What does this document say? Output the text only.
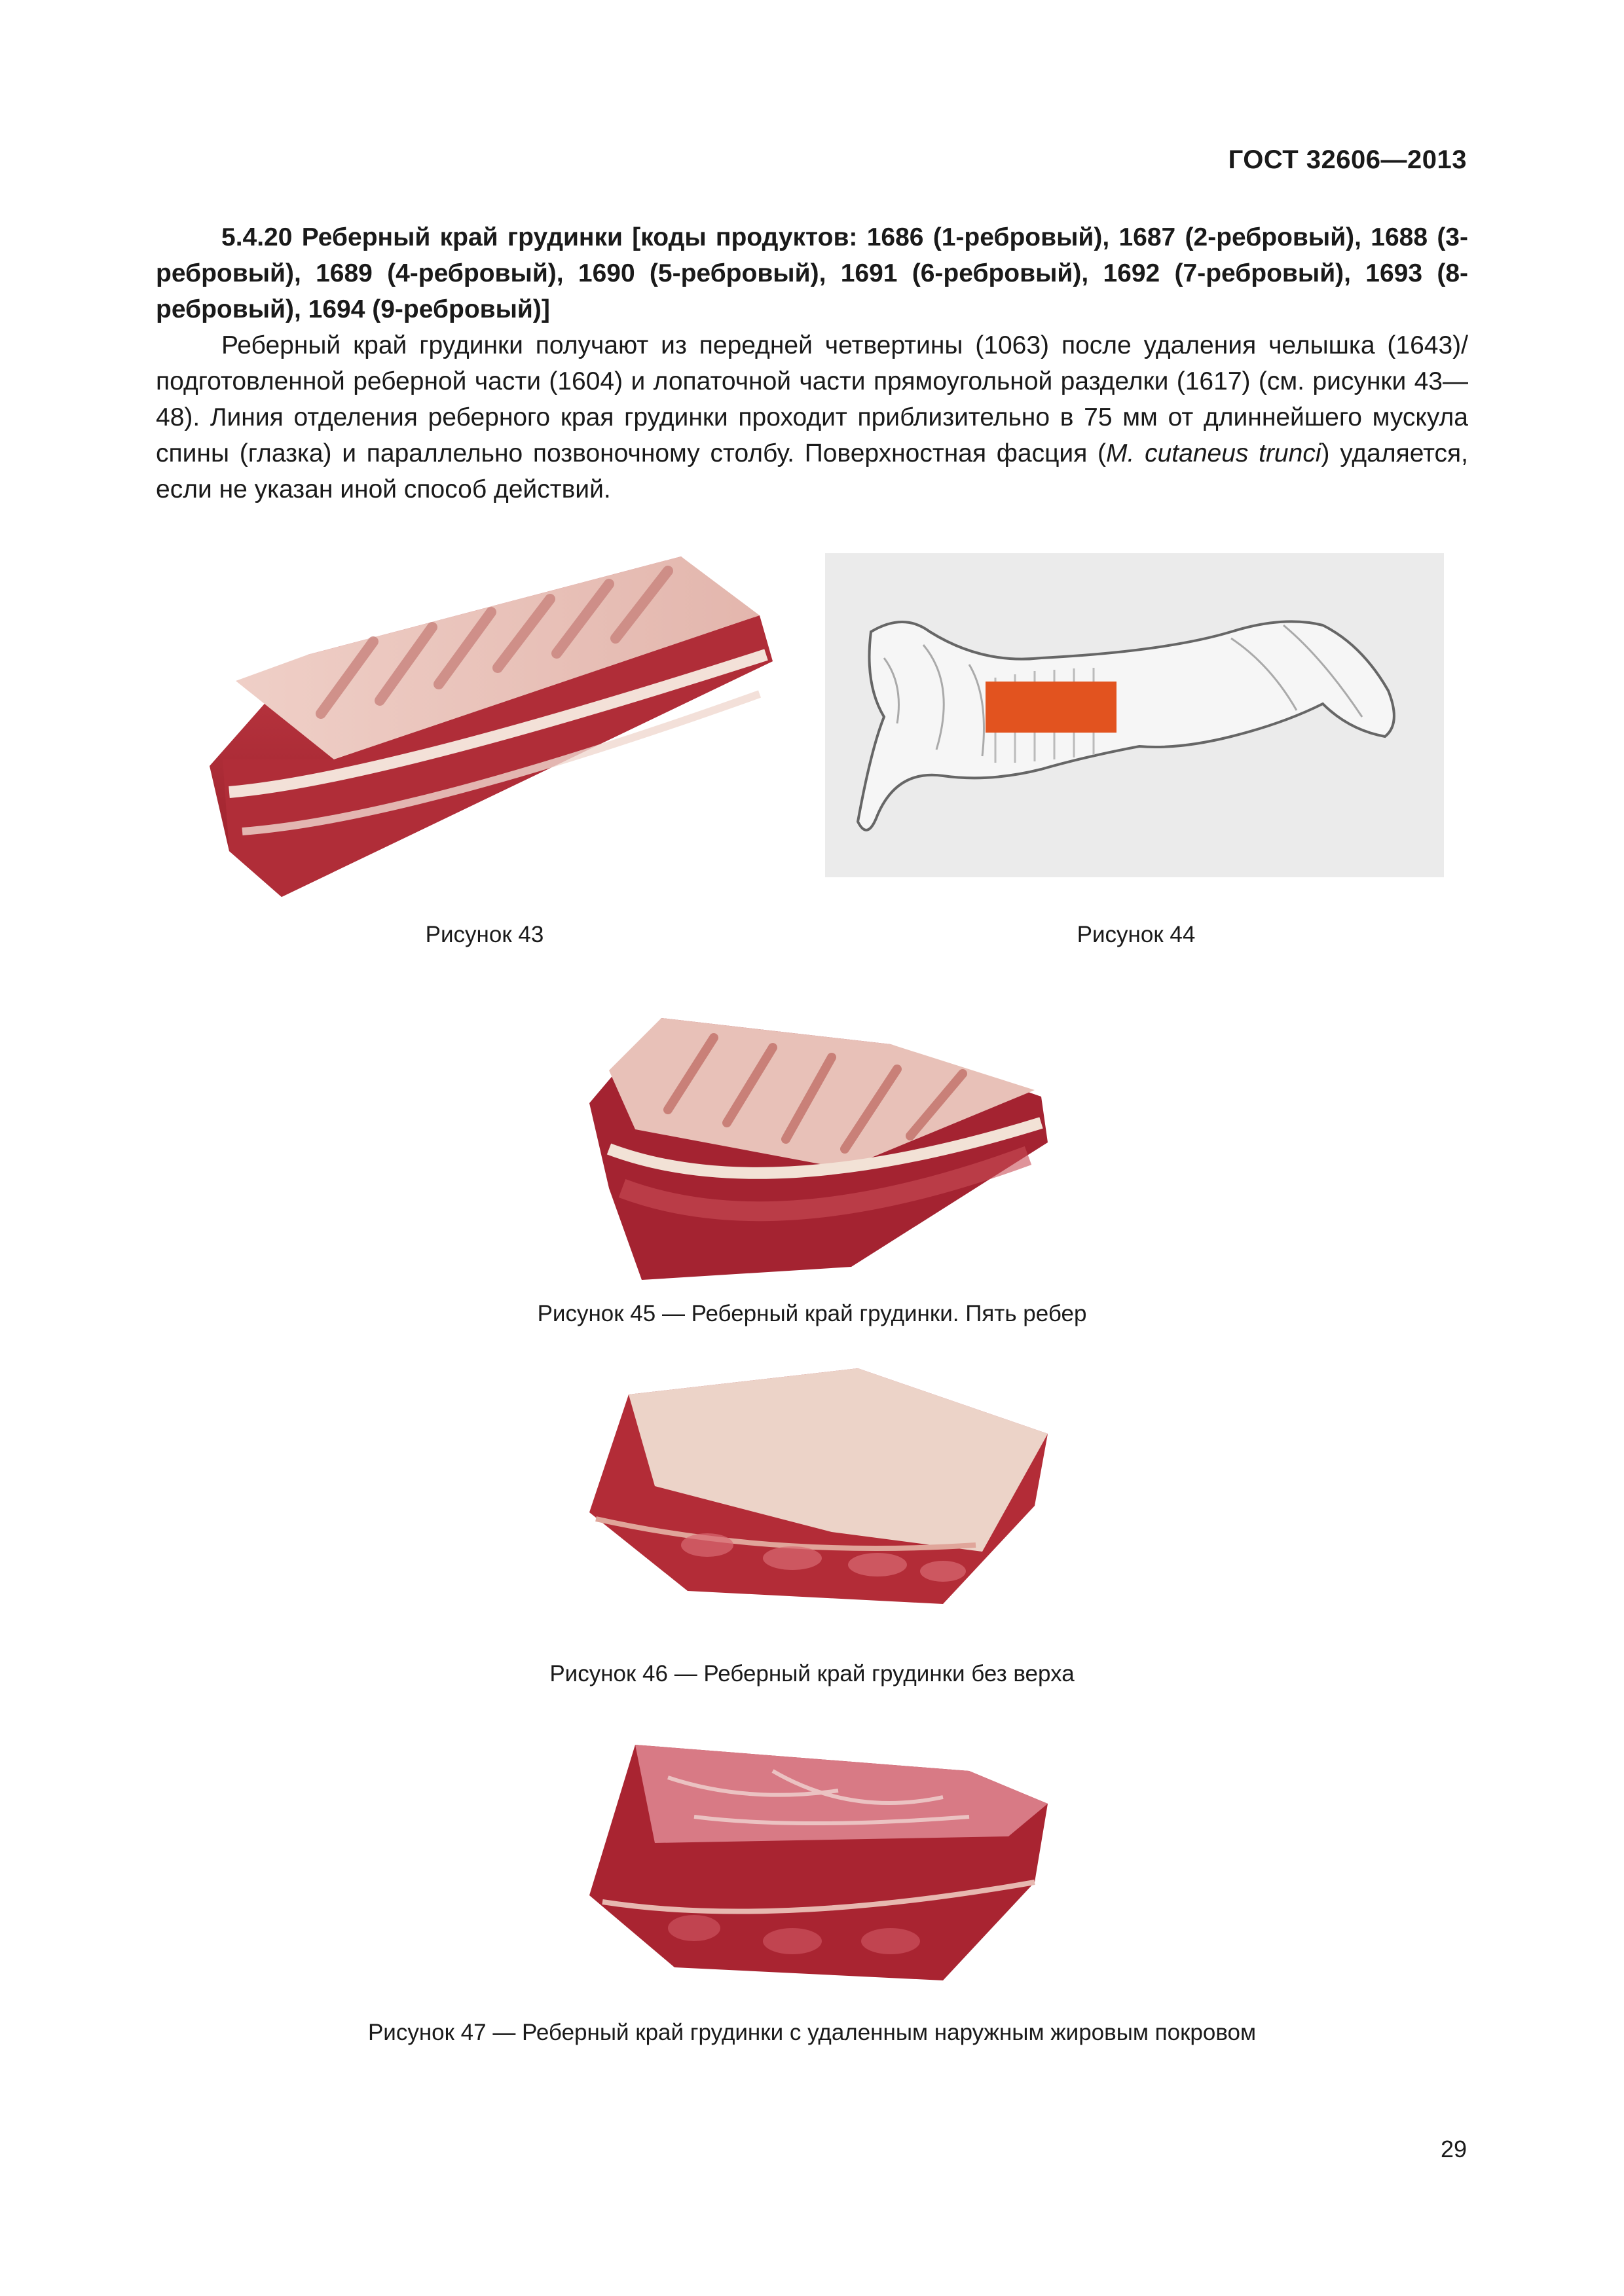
ГОСТ 32606—2013

5.4.20 Реберный край грудинки [коды продуктов: 1686 (1-ребровый), 1687 (2-ребровый), 1688 (3-ребровый), 1689 (4-ребровый), 1690 (5-ребровый), 1691 (6-ребровый), 1692 (7-ребровый), 1693 (8-ребровый), 1694 (9-ребровый)]

Реберный край грудинки получают из передней четвертины (1063) после удаления челышка (1643)/подготовленной реберной части (1604) и лопаточной части прямоугольной разделки (1617) (см. рисунки 43—48). Линия отделения реберного края грудинки проходит приблизительно в 75 мм от длиннейшего мускула спины (глазка) и параллельно позвоночному столбу. Поверхностная фасция (M. cutaneus trunci) удаляется, если не указан иной способ действий.

Рисунок 43	Рисунок 44
Рисунок 45 — Реберный край грудинки. Пять ребер
Рисунок 46 — Реберный край грудинки без верха
Рисунок 47 — Реберный край грудинки с удаленным наружным жировым покровом
29
